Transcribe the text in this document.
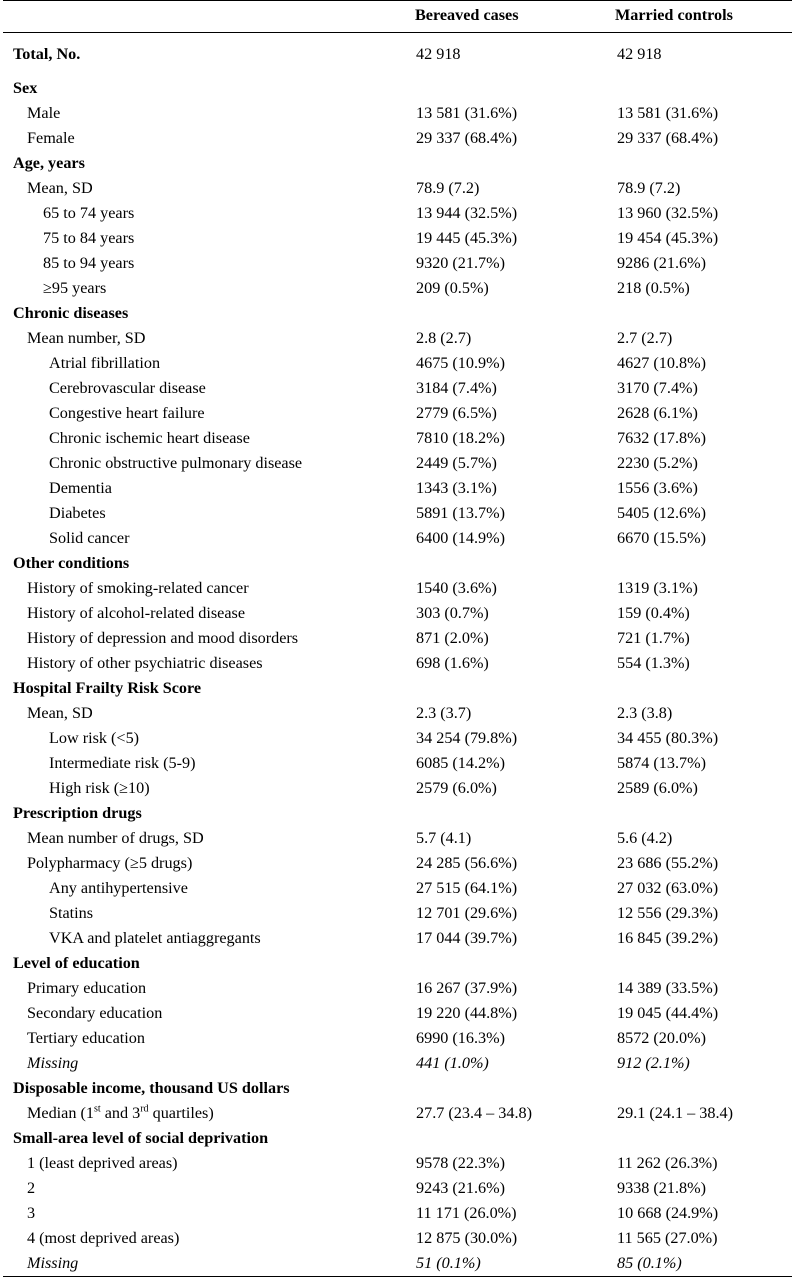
Bereaved cases	Married controls
Total, No.	42 918	42 918
Sex
Male	13 581 (31.6%)	13 581 (31.6%)
Female	29 337 (68.4%)	29 337 (68.4%)
Age, years
Mean, SD	78.9 (7.2)	78.9 (7.2)
65 to 74 years	13 944 (32.5%)	13 960 (32.5%)
75 to 84 years	19 445 (45.3%)	19 454 (45.3%)
85 to 94 years	9320 (21.7%)	9286 (21.6%)
≥95 years	209 (0.5%)	218 (0.5%)
Chronic diseases
Mean number, SD	2.8 (2.7)	2.7 (2.7)
Atrial fibrillation	4675 (10.9%)	4627 (10.8%)
Cerebrovascular disease	3184 (7.4%)	3170 (7.4%)
Congestive heart failure	2779 (6.5%)	2628 (6.1%)
Chronic ischemic heart disease	7810 (18.2%)	7632 (17.8%)
Chronic obstructive pulmonary disease	2449 (5.7%)	2230 (5.2%)
Dementia	1343 (3.1%)	1556 (3.6%)
Diabetes	5891 (13.7%)	5405 (12.6%)
Solid cancer	6400 (14.9%)	6670 (15.5%)
Other conditions
History of smoking-related cancer	1540 (3.6%)	1319 (3.1%)
History of alcohol-related disease	303 (0.7%)	159 (0.4%)
History of depression and mood disorders	871 (2.0%)	721 (1.7%)
History of other psychiatric diseases	698 (1.6%)	554 (1.3%)
Hospital Frailty Risk Score
Mean, SD	2.3 (3.7)	2.3 (3.8)
Low risk (<5)	34 254 (79.8%)	34 455 (80.3%)
Intermediate risk (5-9)	6085 (14.2%)	5874 (13.7%)
High risk (≥10)	2579 (6.0%)	2589 (6.0%)
Prescription drugs
Mean number of drugs, SD	5.7 (4.1)	5.6 (4.2)
Polypharmacy (≥5 drugs)	24 285 (56.6%)	23 686 (55.2%)
Any antihypertensive	27 515 (64.1%)	27 032 (63.0%)
Statins	12 701 (29.6%)	12 556 (29.3%)
VKA and platelet antiaggregants	17 044 (39.7%)	16 845 (39.2%)
Level of education
Primary education	16 267 (37.9%)	14 389 (33.5%)
Secondary education	19 220 (44.8%)	19 045 (44.4%)
Tertiary education	6990 (16.3%)	8572 (20.0%)
Missing	441 (1.0%)	912 (2.1%)
Disposable income, thousand US dollars
Median (1st and 3rd quartiles)	27.7 (23.4 – 34.8)	29.1 (24.1 – 38.4)
Small-area level of social deprivation
1 (least deprived areas)	9578 (22.3%)	11 262 (26.3%)
2	9243 (21.6%)	9338 (21.8%)
3	11 171 (26.0%)	10 668 (24.9%)
4 (most deprived areas)	12 875 (30.0%)	11 565 (27.0%)
Missing	51 (0.1%)	85 (0.1%)
